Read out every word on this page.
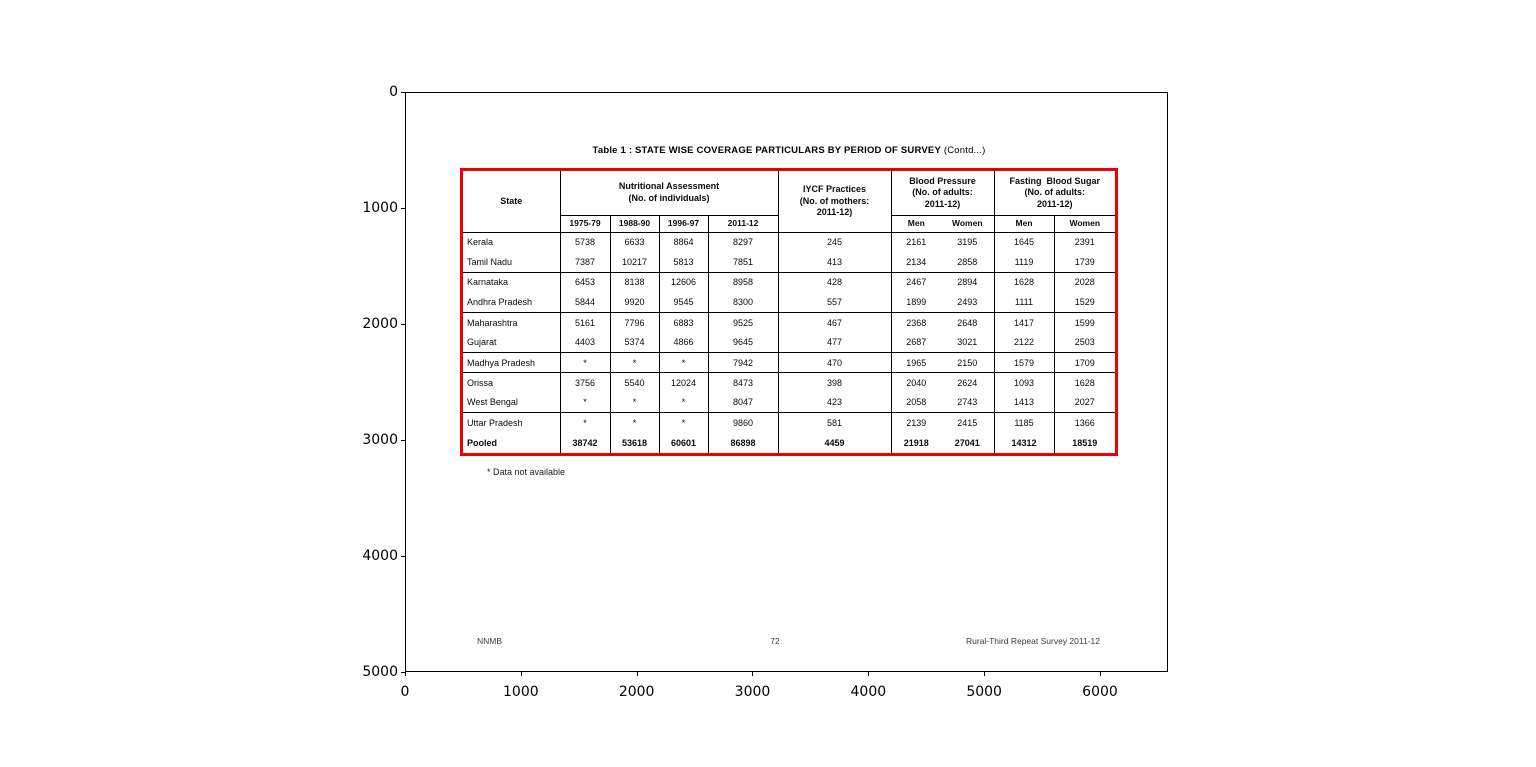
0
1000
2000
3000
4000
5000
0	1000	2000	3000	4000	5000	6000
Table 1 : STATE WISE COVERAGE PARTICULARS BY PERIOD OF SURVEY (Contd...)
State	
Nutritional Assessment
(No. of individuals)

IYCF Practices
(No. of mothers:
2011-12)

Blood Pressure
(No. of adults:
2011-12)

Fasting  Blood Sugar
(No. of adults:
2011-12)

	1975-79	1988-90	1996-97	2011-12		Men	Women	Men	Women
Kerala	5738	6633	8864	8297	245	2161	3195	1645	2391
Tamil Nadu	7387	10217	5813	7851	413	2134	2858	1119	1739
Karnataka	6453	8138	12606	8958	428	2467	2894	1628	2028
Andhra Pradesh	5844	9920	9545	8300	557	1899	2493	1111	1529
Maharashtra	5161	7796	6883	9525	467	2368	2648	1417	1599
Gujarat	4403	5374	4866	9645	477	2687	3021	2122	2503
Madhya Pradesh	*	*	*	7942	470	1965	2150	1579	1709
Orissa	3756	5540	12024	8473	398	2040	2624	1093	1628
West Bengal	*	*	*	8047	423	2058	2743	1413	2027
Uttar Pradesh	*	*	*	9860	581	2139	2415	1185	1366
Pooled	38742	53618	60601	86898	4459	21918	27041	14312	18519
* Data not available
NNMB	72	Rural-Third Repeat Survey 2011-12
